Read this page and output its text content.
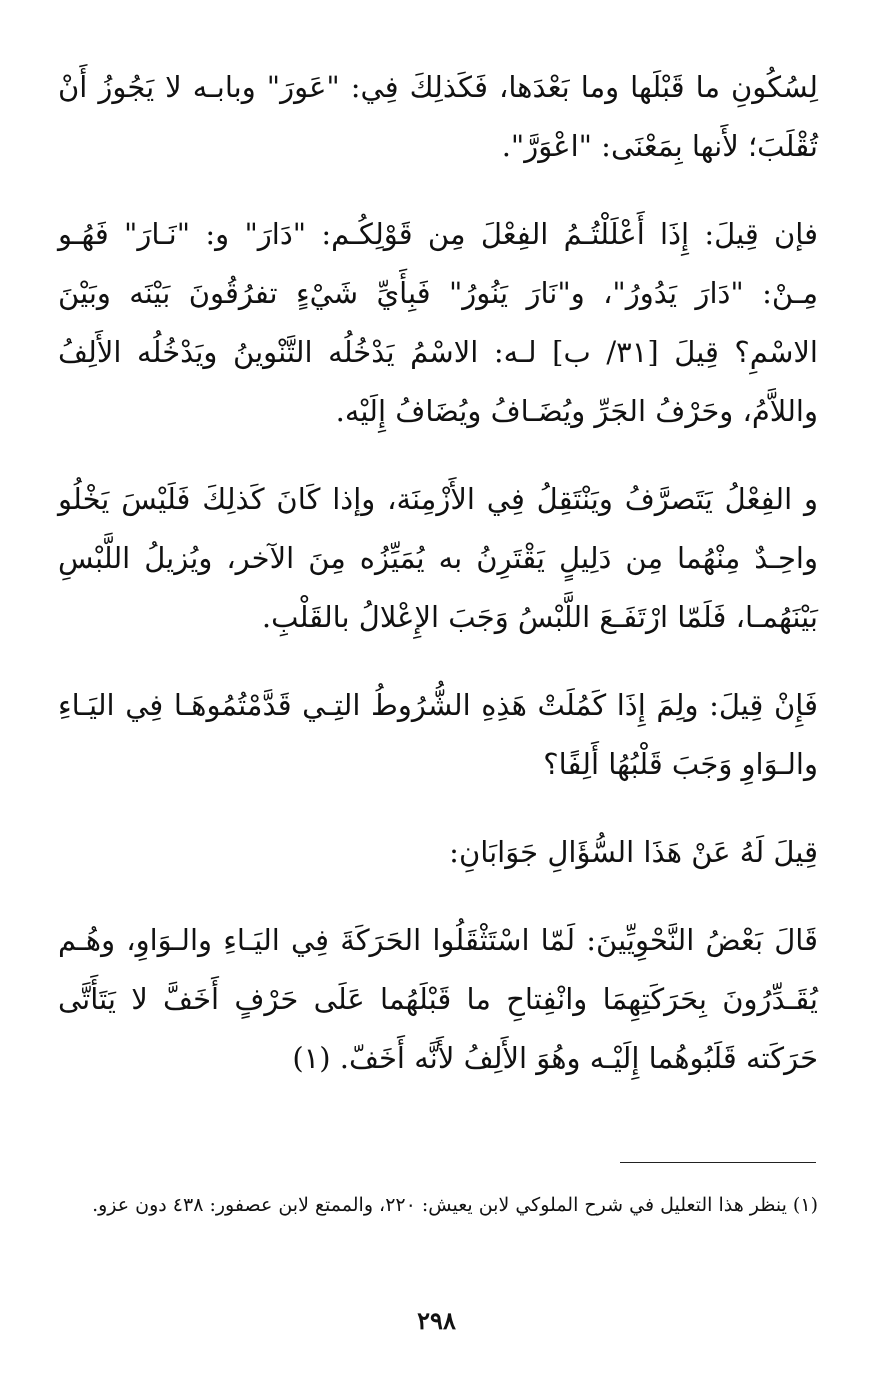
لِسُكُونِ ما قَبْلَها وما بَعْدَها، فَكَذلِكَ فِي: "عَورَ" وبابـه لا يَجُوزُ أَنْ تُقْلَبَ؛ لأَنها بِمَعْنَى: "اعْوَرَّ".

فإن قِيلَ: إِذَا أَعْلَلْتُـمُ الفِعْلَ مِن قَوْلِكُـم: "دَارَ" و: "نَـارَ" فَهُـو مِـنْ: "دَارَ يَدُورُ"، و"نَارَ يَنُورُ" فَبِأَيِّ شَيْءٍ تفرُقُونَ بَيْنَه وبَيْنَ الاسْمِ؟ قِيلَ [٣١/ ب] لـه: الاسْمُ يَدْخُلُه التَّنْوينُ ويَدْخُلُه الأَلِفُ واللاَّمُ، وحَرْفُ الجَرِّ ويُضَـافُ ويُضَافُ إِلَيْه.

و الفِعْلُ يَتَصرَّفُ ويَنْتَقِلُ فِي الأَزْمِنَة، وإذا كَانَ كَذلِكَ فَلَيْسَ يَخْلُو واحِـدٌ مِنْهُما مِن دَلِيلٍ يَقْتَرِنُ به يُمَيِّزُه مِنَ الآخر، ويُزيلُ اللَّبْسِ بَيْنَهُمـا، فَلَمّا ارْتَفَـعَ اللَّبْسُ وَجَبَ الإِعْلالُ بالقَلْبِ.

فَإِنْ قِيلَ: ولِمَ إِذَا كَمُلَتْ هَذِهِ الشُّرُوطُ التِـي قَدَّمْتُمُوهَـا فِي اليَـاءِ والـوَاوِ وَجَبَ قَلْبُهُا أَلِفًا؟

قِيلَ لَهُ عَنْ هَذَا السُّؤَالِ جَوَابَانِ:

قَالَ بَعْضُ النَّحْوِيِّينَ: لَمّا اسْتَثْقَلُوا الحَرَكَةَ فِي اليَـاءِ والـوَاوِ، وهُـم يُقَـدِّرُونَ بِحَرَكَتِهِمَا وانْفِتاحِ ما قَبْلَهُما عَلَى حَرْفٍ أَخَفَّ لا يَتَأَتَّى حَرَكَته قَلَبُوهُما إِلَيْـه وهُوَ الأَلِفُ لأَنَّه أَخَفّ. (١)

(١) ينظر هذا التعليل في شرح الملوكي لابن يعيش: ٢٢٠، والممتع لابن عصفور: ٤٣٨ دون عزو.
٢٩٨
